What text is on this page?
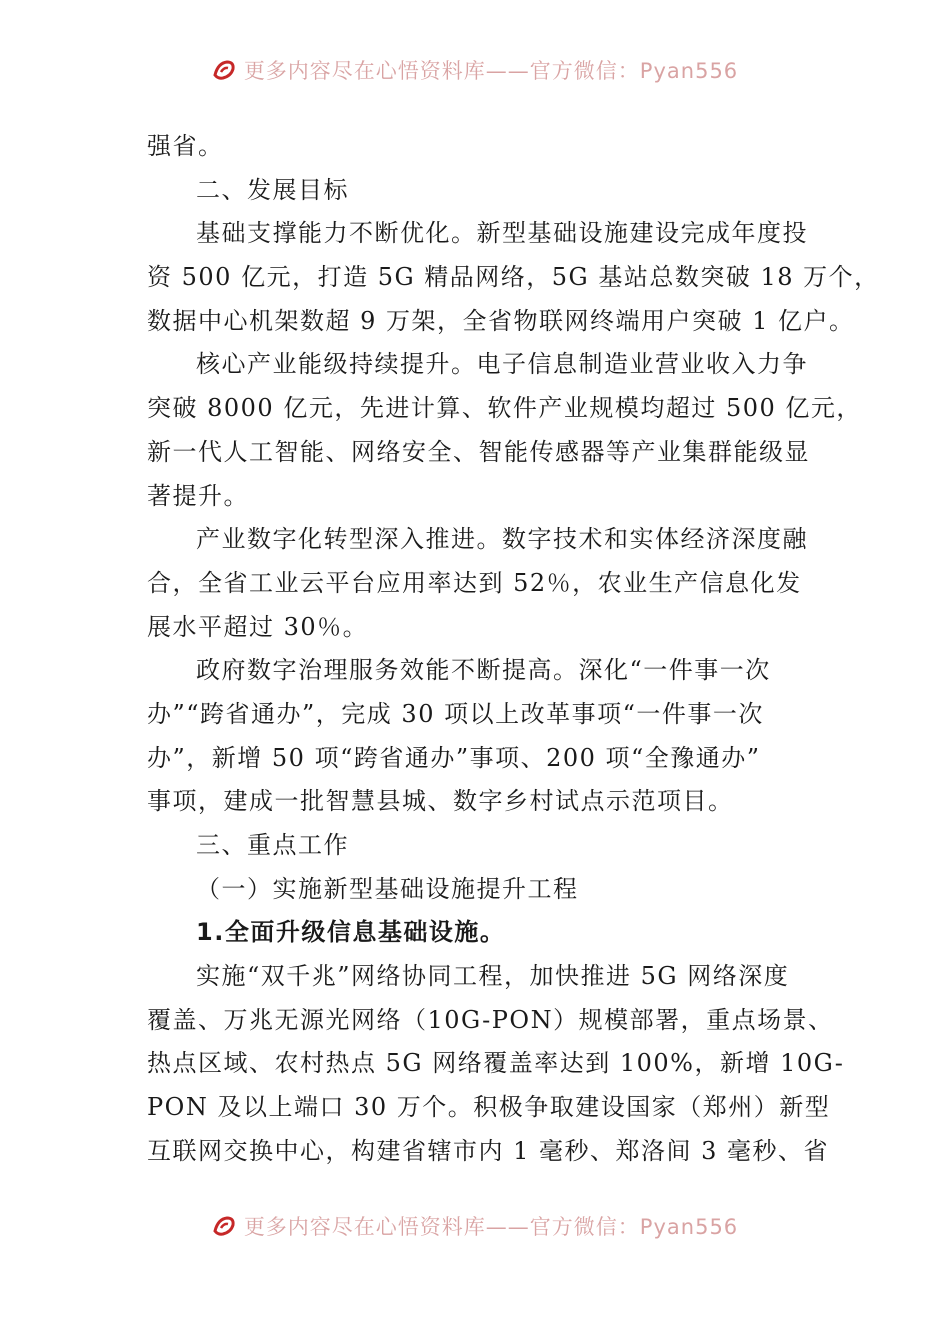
更多内容尽在心悟资料库——官方微信：Pyan556
强省。
二、发展目标
基础支撑能力不断优化。新型基础设施建设完成年度投
资 500 亿元，打造 5G 精品网络，5G 基站总数突破 18 万个，
数据中心机架数超 9 万架，全省物联网终端用户突破 1 亿户。
核心产业能级持续提升。电子信息制造业营业收入力争
突破 8000 亿元，先进计算、软件产业规模均超过 500 亿元，
新一代人工智能、网络安全、智能传感器等产业集群能级显
著提升。
产业数字化转型深入推进。数字技术和实体经济深度融
合，全省工业云平台应用率达到 52％，农业生产信息化发
展水平超过 30％。
政府数字治理服务效能不断提高。深化“一件事一次
办”“跨省通办”，完成 30 项以上改革事项“一件事一次
办”，新增 50 项“跨省通办”事项、200 项“全豫通办”
事项，建成一批智慧县城、数字乡村试点示范项目。
三、重点工作
（一）实施新型基础设施提升工程
1.全面升级信息基础设施。
实施“双千兆”网络协同工程，加快推进 5G 网络深度
覆盖、万兆无源光网络（10G-PON）规模部署，重点场景、
热点区域、农村热点 5G 网络覆盖率达到 100%，新增 10G-
PON 及以上端口 30 万个。积极争取建设国家（郑州）新型
互联网交换中心，构建省辖市内 1 毫秒、郑洛间 3 毫秒、省
更多内容尽在心悟资料库——官方微信：Pyan556
